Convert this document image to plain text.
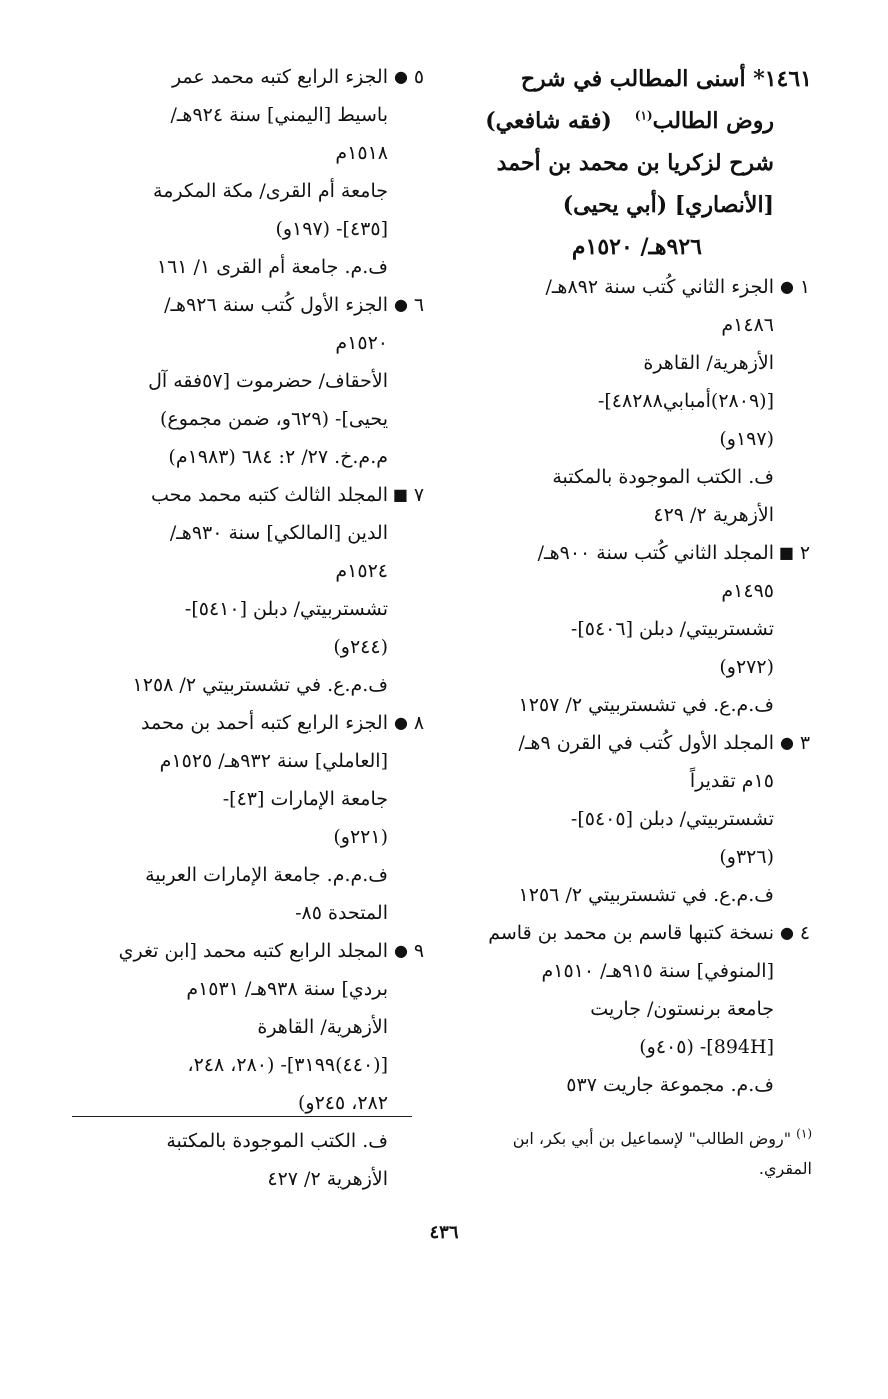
١٤٦١* أسنى المطالب في شرح
روض الطالب$^{(١)}$   (فقه شافعي)
شرح لزكريا بن محمد بن أحمد
[الأنصاري] (أبي يحيى)
٩٢٦هـ/ ١٥٢٠م
١
●
الجزء الثاني كُتب سنة ٨٩٢هـ/
١٤٨٦م
الأزهرية/ القاهرة
[(٢٨٠٩)أمبابي٤٨٢٨٨]-
(١٩٧و)
ف. الكتب الموجودة بالمكتبة
الأزهرية ٢/ ٤٢٩
٢
■
المجلد الثاني كُتب سنة ٩٠٠هـ/
١٤٩٥م
تشستربيتي/ دبلن [٥٤٠٦]-
(٢٧٢و)
ف.م.ع. في تشستربيتي ٢/ ١٢٥٧
٣
●
المجلد الأول كُتب في القرن ٩هـ/
١٥م تقديراً
تشستربيتي/ دبلن [٥٤٠٥]-
(٣٢٦و)
ف.م.ع. في تشستربيتي ٢/ ١٢٥٦
٤
●
نسخة كتبها قاسم بن محمد بن قاسم
[المنوفي] سنة ٩١٥هـ/ ١٥١٠م
جامعة برنستون/ جاريت
[894H]- (٤٠٥و)
ف.م. مجموعة جاريت ٥٣٧
٥
●
الجزء الرابع كتبه محمد عمر
باسيط [اليمني] سنة ٩٢٤هـ/
١٥١٨م
جامعة أم القرى/ مكة المكرمة
[٤٣٥]- (١٩٧و)
ف.م. جامعة أم القرى ١/ ١٦١
٦
●
الجزء الأول كُتب سنة ٩٢٦هـ/
١٥٢٠م
الأحقاف/ حضرموت [٥٧فقه آل
يحيى]- (٦٢٩و، ضمن مجموع)
م.م.خ. ٢٧/ ٢: ٦٨٤ (١٩٨٣م)
٧
■
المجلد الثالث كتبه محمد محب
الدين [المالكي] سنة ٩٣٠هـ/
١٥٢٤م
تشستربيتي/ دبلن [٥٤١٠]-
(٢٤٤و)
ف.م.ع. في تشستربيتي ٢/ ١٢٥٨
٨
●
الجزء الرابع كتبه أحمد بن محمد
[العاملي] سنة ٩٣٢هـ/ ١٥٢٥م
جامعة الإمارات [٤٣]-
(٢٢١و)
ف.م.م. جامعة الإمارات العربية
المتحدة ٨٥-
٩
●
المجلد الرابع كتبه محمد [ابن تغري
بردي] سنة ٩٣٨هـ/ ١٥٣١م
الأزهرية/ القاهرة
[(٤٤٠)٣١٩٩]- (٢٨٠، ٢٤٨،
٢٨٢، ٢٤٥و)
ف. الكتب الموجودة بالمكتبة
الأزهرية ٢/ ٤٢٧
$^{(١)}$ "روض الطالب" لإسماعيل بن أبي بكر، ابن المقري.
٤٣٦
